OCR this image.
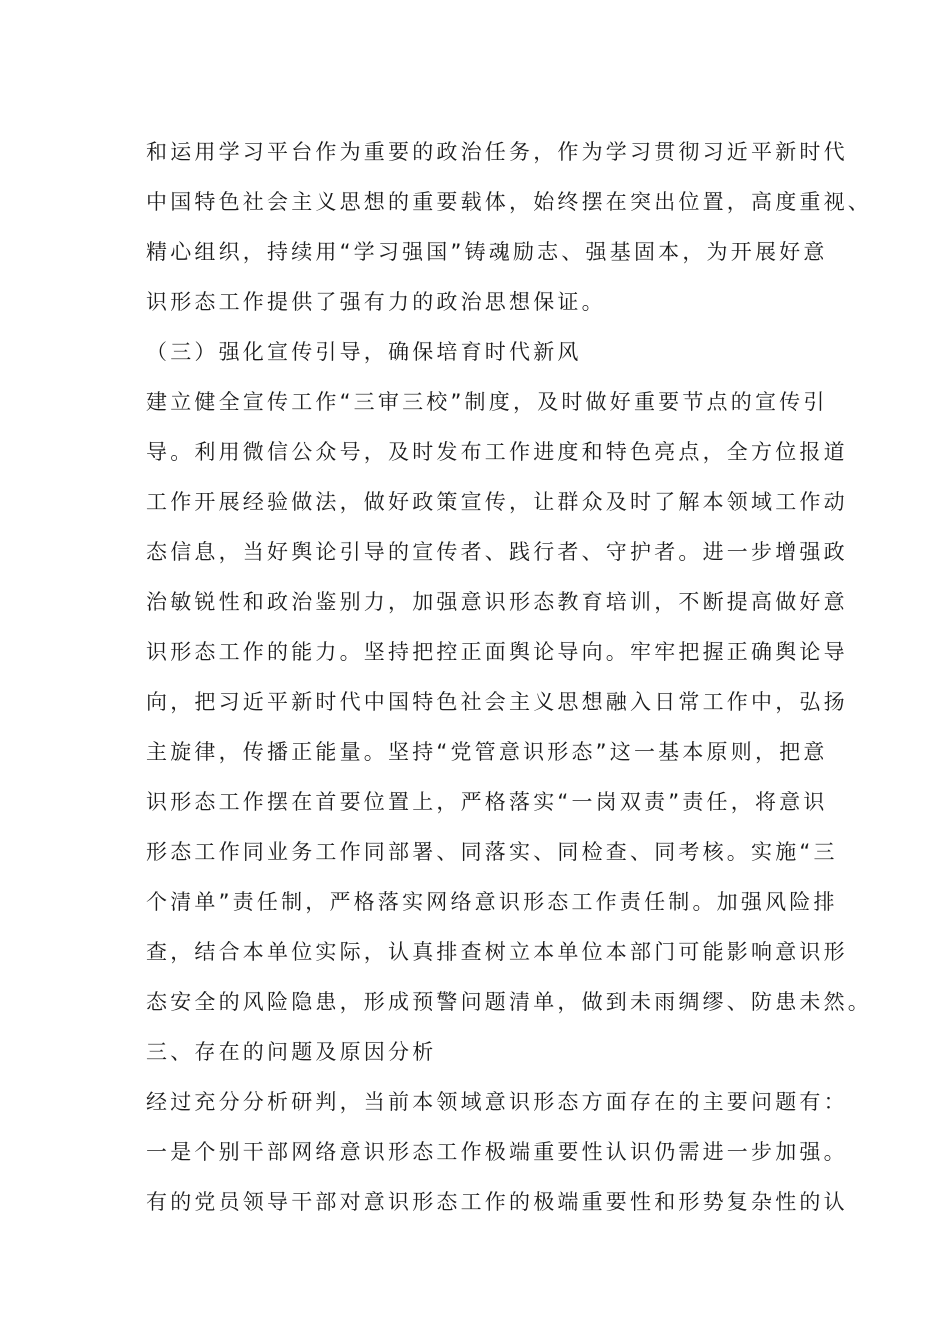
和运用学习平台作为重要的政治任务，作为学习贯彻习近平新时代
中国特色社会主义思想的重要载体，始终摆在突出位置，高度重视、
精心组织，持续用“学习强国”铸魂励志、强基固本，为开展好意
识形态工作提供了强有力的政治思想保证。
（三）强化宣传引导，确保培育时代新风
建立健全宣传工作“三审三校”制度，及时做好重要节点的宣传引
导。利用微信公众号，及时发布工作进度和特色亮点，全方位报道
工作开展经验做法，做好政策宣传，让群众及时了解本领域工作动
态信息，当好舆论引导的宣传者、践行者、守护者。进一步增强政
治敏锐性和政治鉴别力，加强意识形态教育培训，不断提高做好意
识形态工作的能力。坚持把控正面舆论导向。牢牢把握正确舆论导
向，把习近平新时代中国特色社会主义思想融入日常工作中，弘扬
主旋律，传播正能量。坚持“党管意识形态”这一基本原则，把意
识形态工作摆在首要位置上，严格落实“一岗双责”责任，将意识
形态工作同业务工作同部署、同落实、同检查、同考核。实施“三
个清单”责任制，严格落实网络意识形态工作责任制。加强风险排
查，结合本单位实际，认真排查树立本单位本部门可能影响意识形
态安全的风险隐患，形成预警问题清单，做到未雨绸缪、防患未然。
三、存在的问题及原因分析
经过充分分析研判，当前本领域意识形态方面存在的主要问题有：
一是个别干部网络意识形态工作极端重要性认识仍需进一步加强。
有的党员领导干部对意识形态工作的极端重要性和形势复杂性的认
